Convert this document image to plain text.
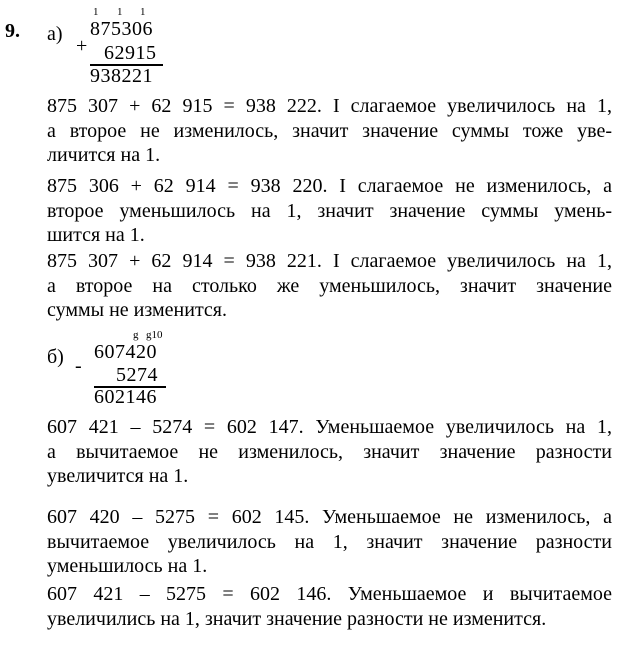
9. а)
1 1 1
+
875306
62915
938221
875 307 + 62 915 = 938 222. I слагаемое увеличилось на 1,
а второе не изменилось, значит значение суммы тоже уве-
личится на 1.
875 306 + 62 914 = 938 220. I слагаемое не изменилось, а
второе уменьшилось на 1, значит значение суммы умень-
шится на 1.
875 307 + 62 914 = 938 221. I слагаемое увеличилось на 1,
а второе на столько же уменьшилось, значит значение
суммы не изменится.
б)
g g10
-
607420
5274
602146
607 421 – 5274 = 602 147. Уменьшаемое увеличилось на 1,
а вычитаемое не изменилось, значит значение разности
увеличится на 1.
607 420 – 5275 = 602 145. Уменьшаемое не изменилось, а
вычитаемое увеличилось на 1, значит значение разности
уменьшилось на 1.
607 421 – 5275 = 602 146. Уменьшаемое и вычитаемое
увеличились на 1, значит значение разности не изменится.
